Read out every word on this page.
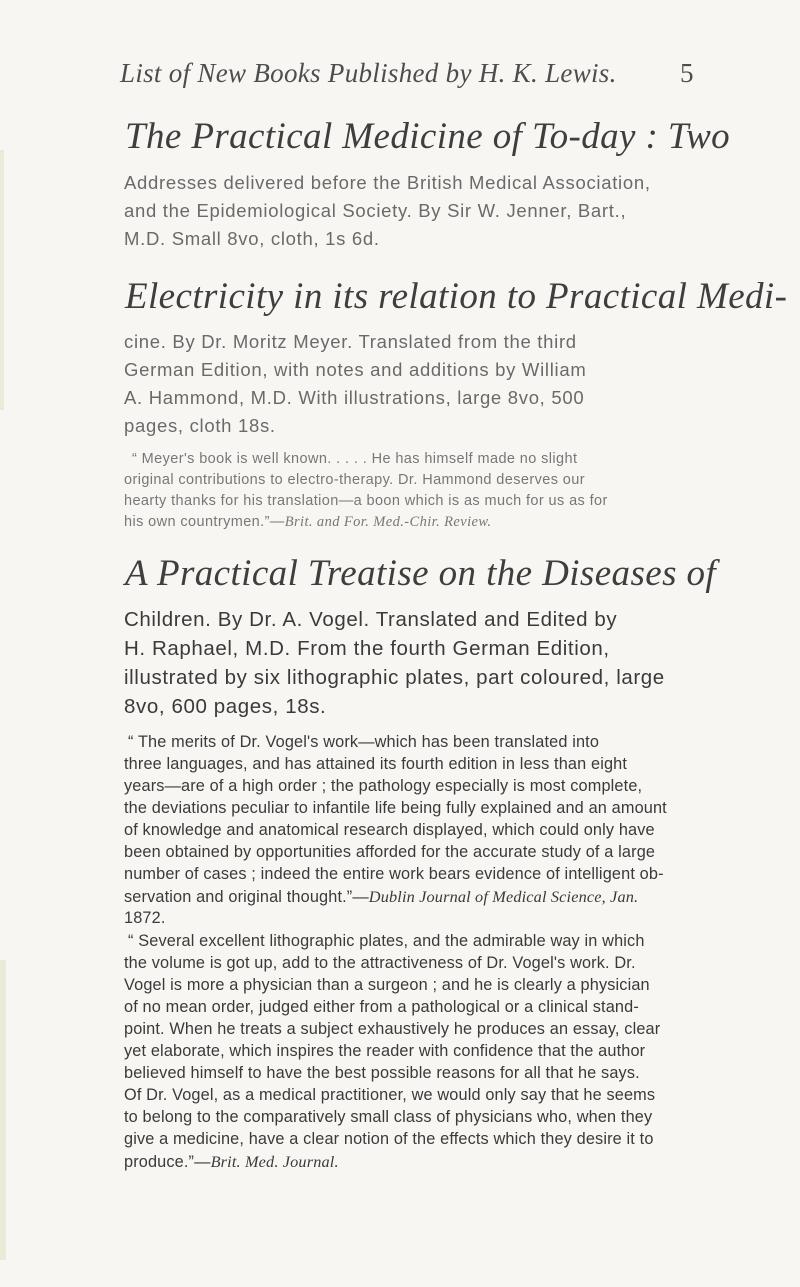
List of New Books Published by H. K. Lewis. 5
The Practical Medicine of To-day : Two
Addresses delivered before the British Medical Association,
and the Epidemiological Society. By Sir W. Jenner, Bart.,
M.D. Small 8vo, cloth, 1s 6d.
Electricity in its relation to Practical Medi-
cine. By Dr. Moritz Meyer. Translated from the third
German Edition, with notes and additions by William
A. Hammond, M.D. With illustrations, large 8vo, 500
pages, cloth 18s.
“ Meyer's book is well known. . . . . He has himself made no slight
original contributions to electro-therapy. Dr. Hammond deserves our
hearty thanks for his translation—a boon which is as much for us as for
his own countrymen.”—Brit. and For. Med.-Chir. Review.
A Practical Treatise on the Diseases of
Children. By Dr. A. Vogel. Translated and Edited by
H. Raphael, M.D. From the fourth German Edition,
illustrated by six lithographic plates, part coloured, large
8vo, 600 pages, 18s.
“ The merits of Dr. Vogel's work—which has been translated into
three languages, and has attained its fourth edition in less than eight
years—are of a high order ; the pathology especially is most complete,
the deviations peculiar to infantile life being fully explained and an amount
of knowledge and anatomical research displayed, which could only have
been obtained by opportunities afforded for the accurate study of a large
number of cases ; indeed the entire work bears evidence of intelligent ob-
servation and original thought.”—Dublin Journal of Medical Science, Jan.
1872.
“ Several excellent lithographic plates, and the admirable way in which
the volume is got up, add to the attractiveness of Dr. Vogel's work. Dr.
Vogel is more a physician than a surgeon ; and he is clearly a physician
of no mean order, judged either from a pathological or a clinical stand-
point. When he treats a subject exhaustively he produces an essay, clear
yet elaborate, which inspires the reader with confidence that the author
believed himself to have the best possible reasons for all that he says.
Of Dr. Vogel, as a medical practitioner, we would only say that he seems
to belong to the comparatively small class of physicians who, when they
give a medicine, have a clear notion of the effects which they desire it to
produce.”—Brit. Med. Journal.
